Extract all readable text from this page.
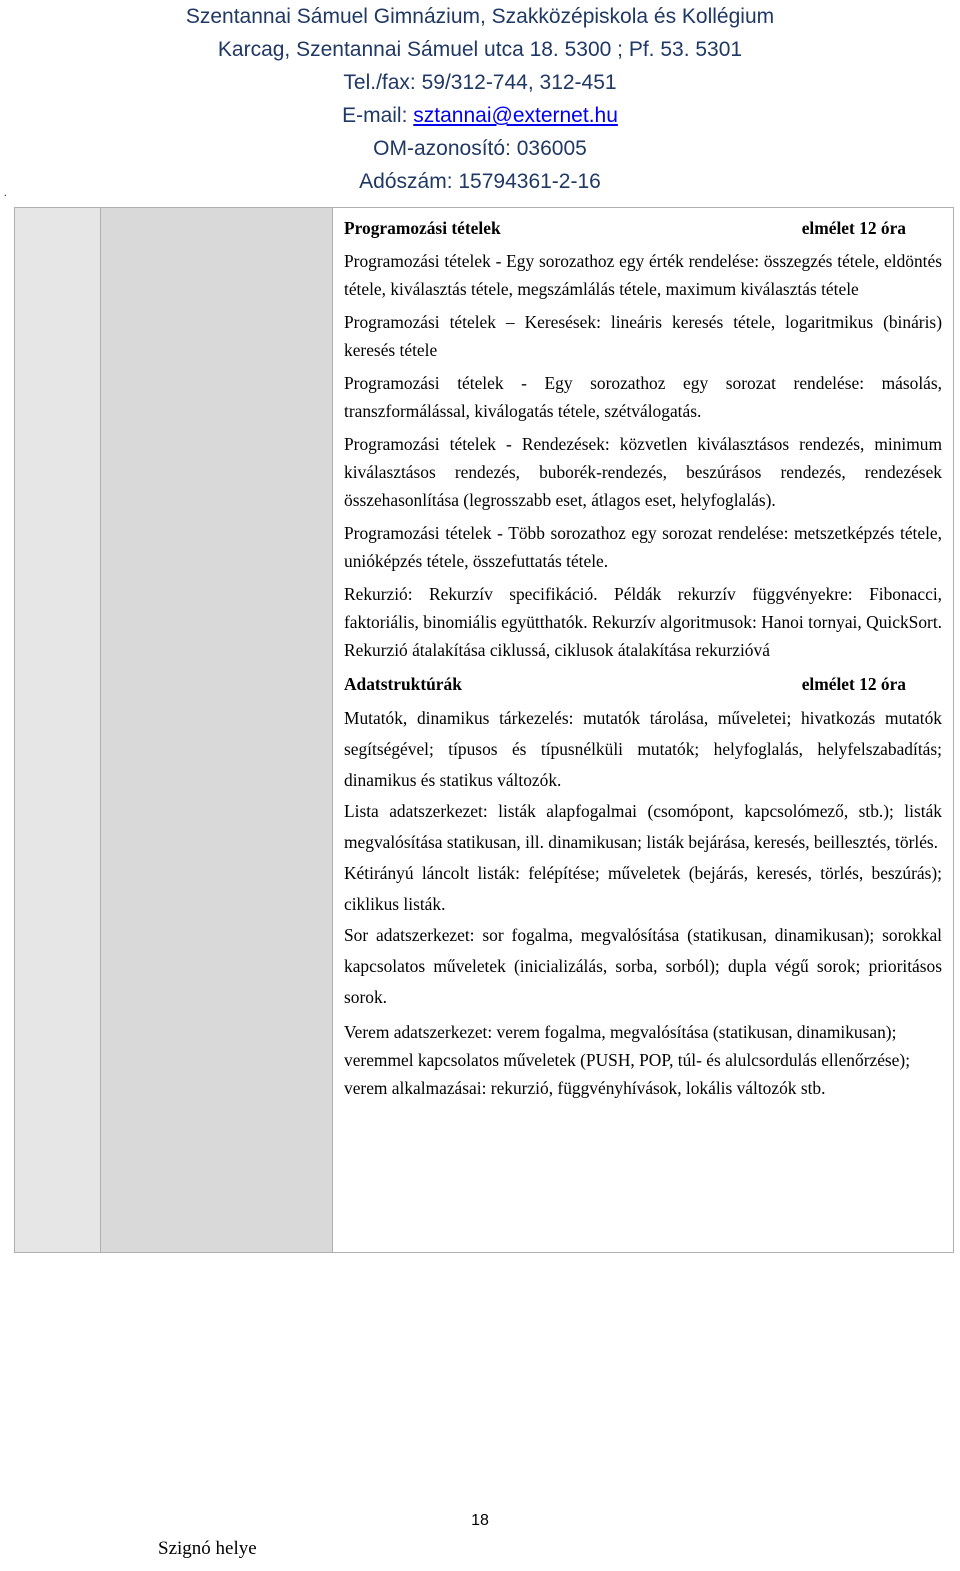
Szentannai Sámuel Gimnázium, Szakközépiskola és Kollégium
Karcag, Szentannai Sámuel utca 18. 5300 ; Pf. 53. 5301
Tel./fax: 59/312-744, 312-451
E-mail: sztannai@externet.hu
OM-azonosító: 036005
Adószám: 15794361-2-16
.
Programozási tételek	elmélet 12 óra

Programozási tételek - Egy sorozathoz egy érték rendelése: összegzés tétele, eldöntés tétele, kiválasztás tétele, megszámlálás tétele, maximum kiválasztás tétele

Programozási tételek – Keresések: lineáris keresés tétele, logaritmikus (bináris) keresés tétele

Programozási tételek - Egy sorozathoz egy sorozat rendelése: másolás, transzformálással, kiválogatás tétele, szétválogatás.

Programozási tételek - Rendezések: közvetlen kiválasztásos rendezés, minimum kiválasztásos rendezés, buborék-rendezés, beszúrásos rendezés, rendezések összehasonlítása (legrosszabb eset, átlagos eset, helyfoglalás).

Programozási tételek - Több sorozathoz egy sorozat rendelése: metszetképzés tétele, unióképzés tétele, összefuttatás tétele.

Rekurzió: Rekurzív specifikáció. Példák rekurzív függvényekre: Fibonacci, faktoriális, binomiális együtthatók. Rekurzív algoritmusok: Hanoi tornyai, QuickSort. Rekurzió átalakítása ciklussá, ciklusok átalakítása rekurzióvá

Adatstruktúrák	elmélet 12 óra

Mutatók, dinamikus tárkezelés: mutatók tárolása, műveletei; hivatkozás mutatók segítségével; típusos és típusnélküli mutatók; helyfoglalás, helyfelszabadítás; dinamikus és statikus változók.

Lista adatszerkezet: listák alapfogalmai (csomópont, kapcsolómező, stb.); listák megvalósítása statikusan, ill. dinamikusan; listák bejárása, keresés, beillesztés, törlés.

Kétirányú láncolt listák: felépítése; műveletek (bejárás, keresés, törlés, beszúrás); ciklikus listák.

Sor adatszerkezet: sor fogalma, megvalósítása (statikusan, dinamikusan); sorokkal kapcsolatos műveletek (inicializálás, sorba, sorból); dupla végű sorok; prioritásos sorok.

Verem adatszerkezet: verem fogalma, megvalósítása (statikusan, dinamikusan); veremmel kapcsolatos műveletek (PUSH, POP, túl- és alulcsordulás ellenőrzése); verem alkalmazásai: rekurzió, függvényhívások, lokális változók stb.

18
Szignó helye
